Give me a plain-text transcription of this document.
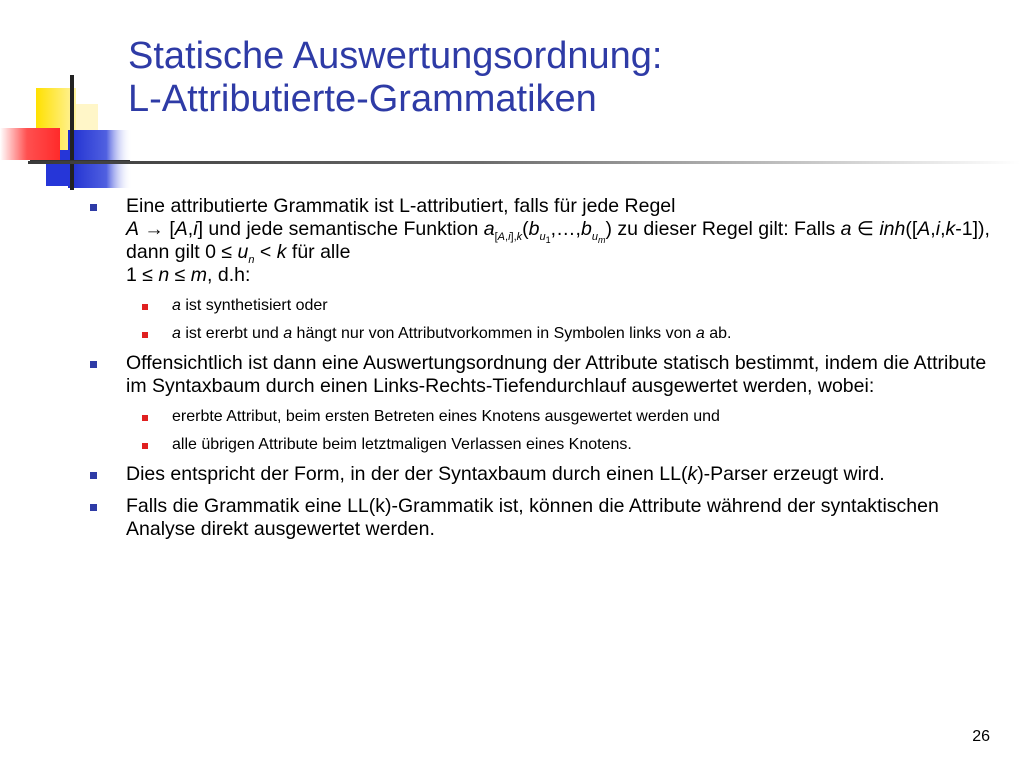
Statische Auswertungsordnung:
L-Attributierte-Grammatiken
Eine attributierte Grammatik ist L-attributiert, falls für jede Regel
A → [A,i] und jede semantische Funktion $a_{[A,i],k}(b_{u_1},\dots,b_{u_m})$ zu dieser Regel gilt: Falls a ∈ inh([A,i,k-1]), dann gilt $0 \le u_n < k$ für alle
1 ≤ n ≤ m, d.h:
a ist synthetisiert oder
a ist ererbt und a hängt nur von Attributvorkommen in Symbolen links von a ab.
Offensichtlich ist dann eine Auswertungsordnung der Attribute statisch bestimmt, indem die Attribute im Syntaxbaum durch einen Links-Rechts-Tiefendurchlauf ausgewertet werden, wobei:
ererbte Attribut, beim ersten Betreten eines Knotens ausgewertet werden und
alle übrigen Attribute beim letztmaligen Verlassen eines Knotens.
Dies entspricht der Form, in der der Syntaxbaum durch einen LL(k)-Parser erzeugt wird.
Falls die Grammatik eine LL(k)-Grammatik ist, können die Attribute während der syntaktischen Analyse direkt ausgewertet werden.
26
